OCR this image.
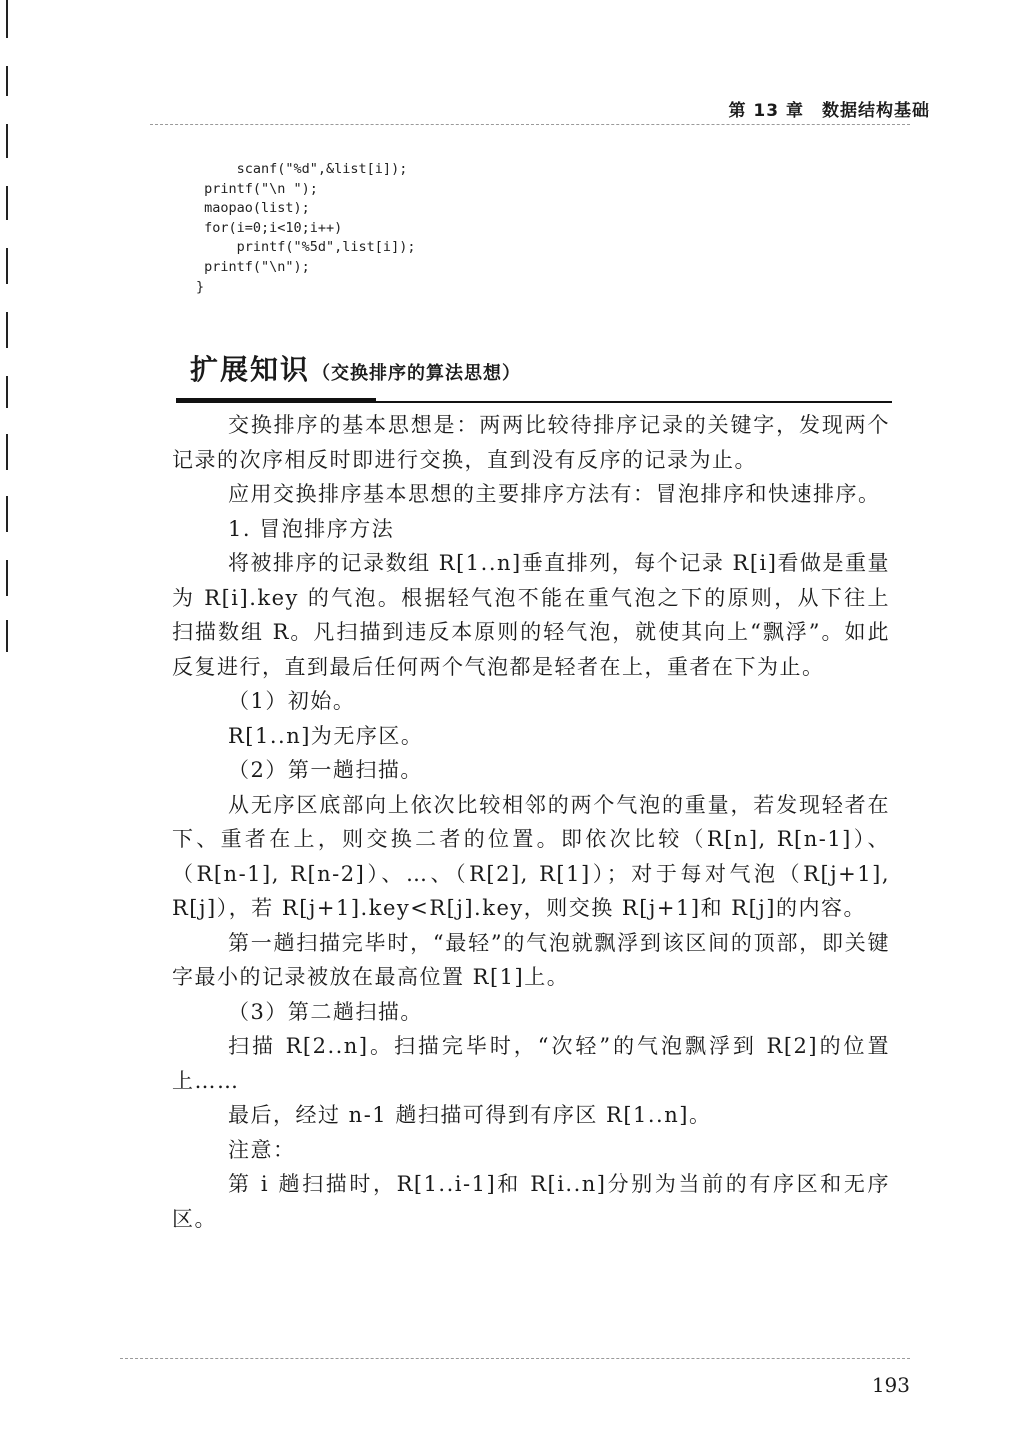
第 13 章　数据结构基础
scanf("%d",&list[i]);
printf("\n ");
maopao(list);
for(i=0;i<10;i++)
printf("%5d",list[i]);
printf("\n");
}
扩展知识 （交换排序的算法思想）

交换排序的基本思想是：两两比较待排序记录的关键字，发现两个记录的次序相反时即进行交换，直到没有反序的记录为止。

应用交换排序基本思想的主要排序方法有：冒泡排序和快速排序。

1. 冒泡排序方法

将被排序的记录数组 R[1..n]垂直排列，每个记录 R[i]看做是重量为 R[i].key 的气泡。根据轻气泡不能在重气泡之下的原则，从下往上扫描数组 R。凡扫描到违反本原则的轻气泡，就使其向上“飘浮”。如此反复进行，直到最后任何两个气泡都是轻者在上，重者在下为止。

（1）初始。

R[1..n]为无序区。

（2）第一趟扫描。

从无序区底部向上依次比较相邻的两个气泡的重量，若发现轻者在下、重者在上，则交换二者的位置。即依次比较（R[n], R[n-1]）、（R[n-1], R[n-2]）、…、（R[2], R[1]）；对于每对气泡（R[j+1], R[j]），若 R[j+1].key<R[j].key，则交换 R[j+1]和 R[j]的内容。

第一趟扫描完毕时，“最轻”的气泡就飘浮到该区间的顶部，即关键字最小的记录被放在最高位置 R[1]上。

（3）第二趟扫描。

扫描 R[2..n]。扫描完毕时，“次轻”的气泡飘浮到 R[2]的位置上……

最后，经过 n-1 趟扫描可得到有序区 R[1..n]。

注意：

第 i 趟扫描时，R[1..i-1]和 R[i..n]分别为当前的有序区和无序区。

193
